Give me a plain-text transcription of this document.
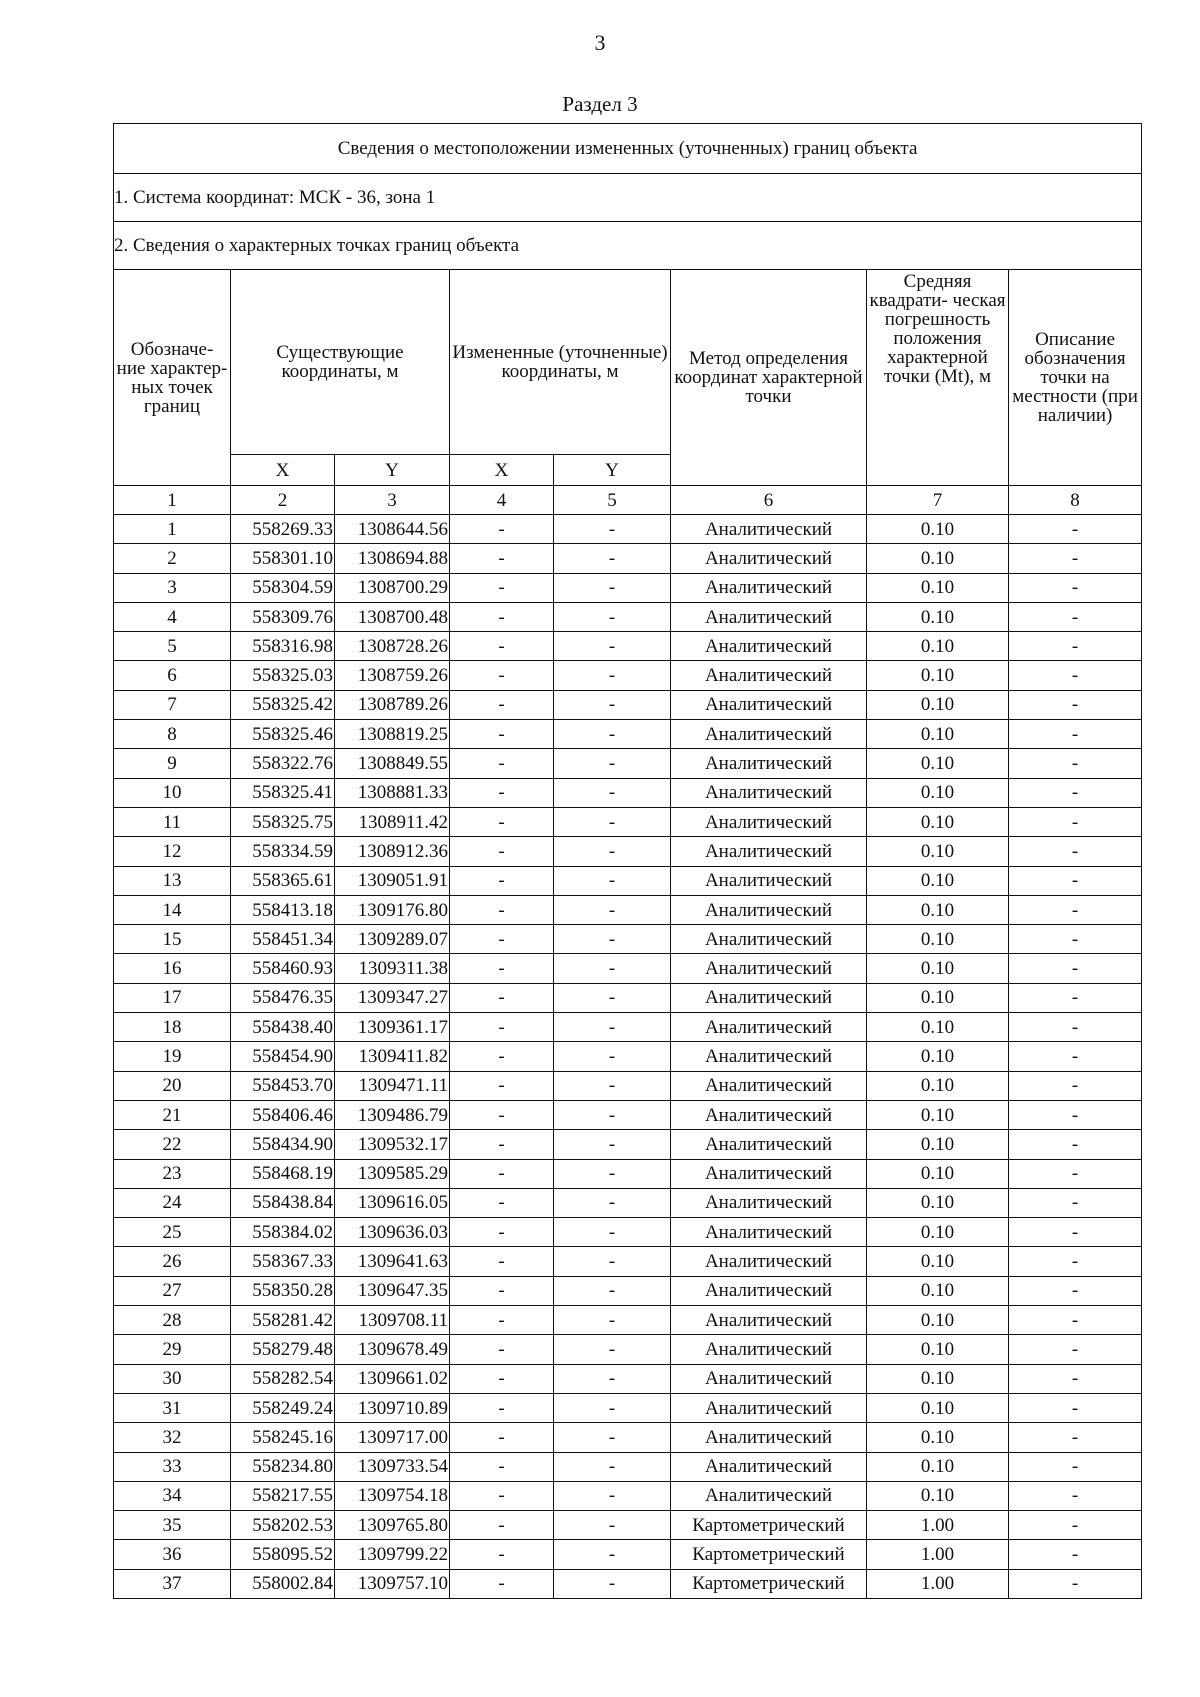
3
Раздел 3
Сведения о местоположении измененных (уточненных) границ объекта							
1. Система координат: МСК - 36, зона 1							
2. Сведения о характерных точках границ объекта							
Обозначе- ние характер- ных точек границ	Существующие координаты, м		Измененные (уточненные) координаты, м		Метод определения координат характерной точки	Средняя квадрати- ческая погрешность положения характерной точки (Mt), м	Описание обозначения точки на местности (при наличии)
	X	Y	X	Y			
1	2	3	4	5	6	7	8
1	558269.33	1308644.56	-	-	Аналитический	0.10	-
2	558301.10	1308694.88	-	-	Аналитический	0.10	-
3	558304.59	1308700.29	-	-	Аналитический	0.10	-
4	558309.76	1308700.48	-	-	Аналитический	0.10	-
5	558316.98	1308728.26	-	-	Аналитический	0.10	-
6	558325.03	1308759.26	-	-	Аналитический	0.10	-
7	558325.42	1308789.26	-	-	Аналитический	0.10	-
8	558325.46	1308819.25	-	-	Аналитический	0.10	-
9	558322.76	1308849.55	-	-	Аналитический	0.10	-
10	558325.41	1308881.33	-	-	Аналитический	0.10	-
11	558325.75	1308911.42	-	-	Аналитический	0.10	-
12	558334.59	1308912.36	-	-	Аналитический	0.10	-
13	558365.61	1309051.91	-	-	Аналитический	0.10	-
14	558413.18	1309176.80	-	-	Аналитический	0.10	-
15	558451.34	1309289.07	-	-	Аналитический	0.10	-
16	558460.93	1309311.38	-	-	Аналитический	0.10	-
17	558476.35	1309347.27	-	-	Аналитический	0.10	-
18	558438.40	1309361.17	-	-	Аналитический	0.10	-
19	558454.90	1309411.82	-	-	Аналитический	0.10	-
20	558453.70	1309471.11	-	-	Аналитический	0.10	-
21	558406.46	1309486.79	-	-	Аналитический	0.10	-
22	558434.90	1309532.17	-	-	Аналитический	0.10	-
23	558468.19	1309585.29	-	-	Аналитический	0.10	-
24	558438.84	1309616.05	-	-	Аналитический	0.10	-
25	558384.02	1309636.03	-	-	Аналитический	0.10	-
26	558367.33	1309641.63	-	-	Аналитический	0.10	-
27	558350.28	1309647.35	-	-	Аналитический	0.10	-
28	558281.42	1309708.11	-	-	Аналитический	0.10	-
29	558279.48	1309678.49	-	-	Аналитический	0.10	-
30	558282.54	1309661.02	-	-	Аналитический	0.10	-
31	558249.24	1309710.89	-	-	Аналитический	0.10	-
32	558245.16	1309717.00	-	-	Аналитический	0.10	-
33	558234.80	1309733.54	-	-	Аналитический	0.10	-
34	558217.55	1309754.18	-	-	Аналитический	0.10	-
35	558202.53	1309765.80	-	-	Картометрический	1.00	-
36	558095.52	1309799.22	-	-	Картометрический	1.00	-
37	558002.84	1309757.10	-	-	Картометрический	1.00	-
